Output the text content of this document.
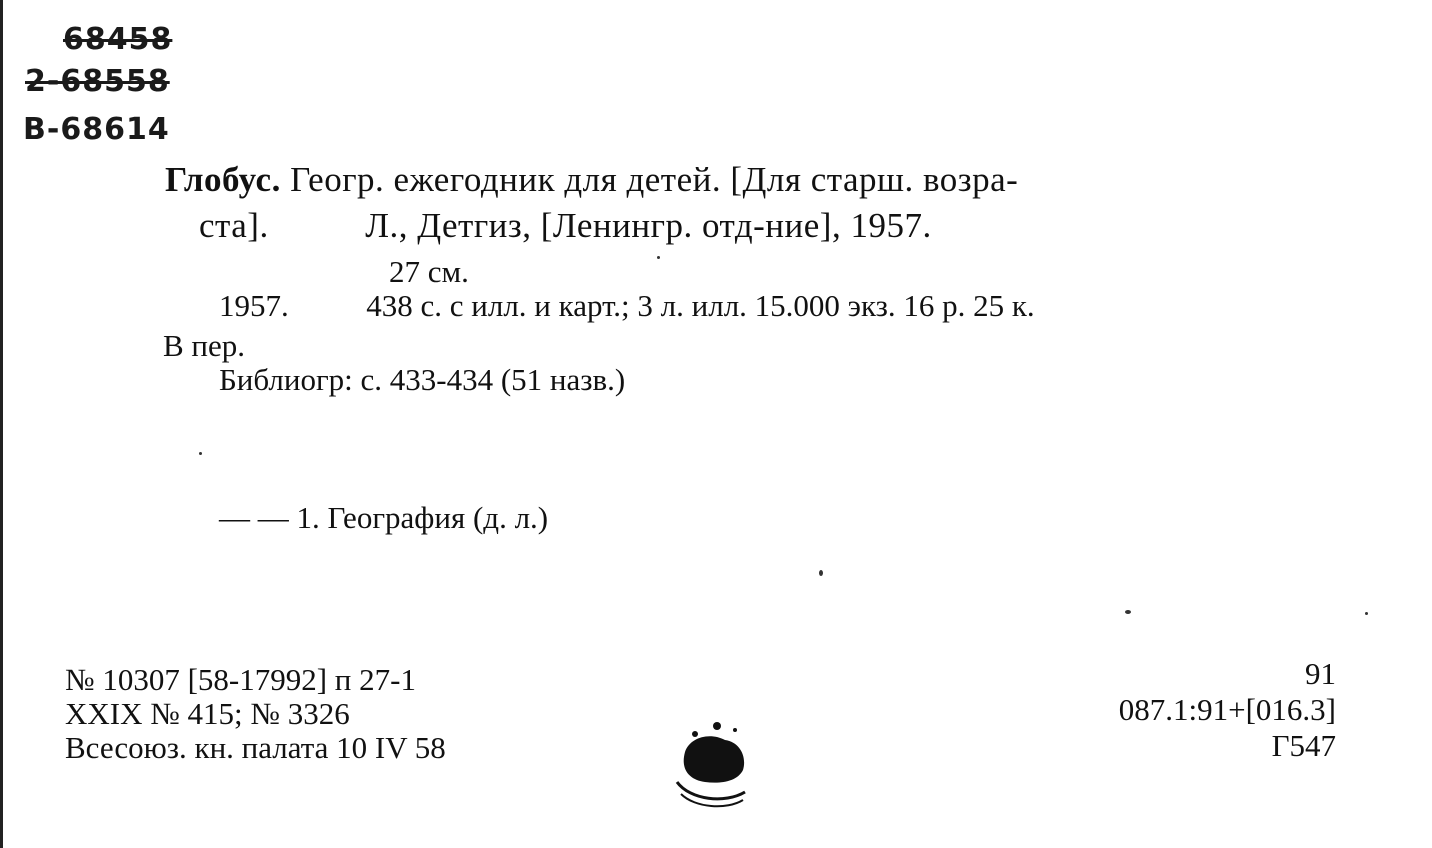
68458
2-68558
В-68614
Глобус. Геогр. ежегодник для детей. [Для старш. возра-
ста].	Л., Детгиз, [Ленингр. отд-ние], 1957.
27 см.
1957.	438 с. с илл. и карт.; 3 л. илл. 15.000 экз. 16 р. 25 к.
В пер.
Библиогр: с. 433-434 (51 назв.)
— — 1. География (д. л.)
№ 10307 [58-17992] п 27-1
XXIX № 415; № 3326
Всесоюз. кн. палата 10 IV 58
91
087.1:91+[016.3]
Г547
